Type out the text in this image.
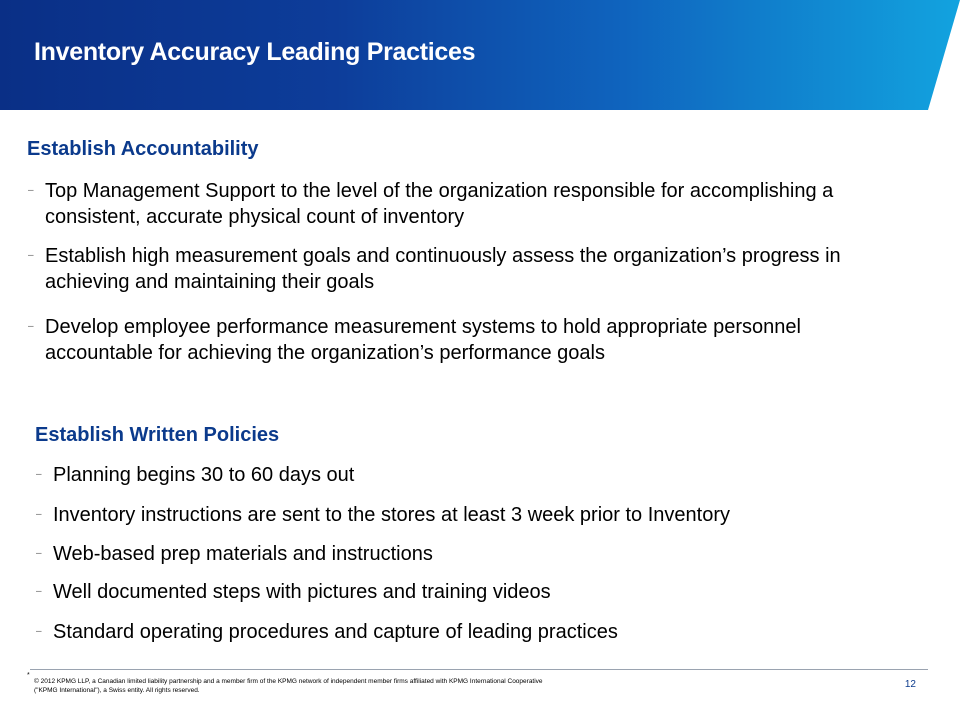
Inventory Accuracy Leading Practices
Establish Accountability
– Top Management Support to the level of the organization responsible for accomplishing a consistent, accurate physical count of inventory
– Establish high measurement goals and continuously assess the organization’s progress in achieving and maintaining their goals
– Develop employee performance measurement systems to hold appropriate personnel accountable for achieving the organization’s performance goals
Establish Written Policies
– Planning begins 30 to 60 days out
– Inventory instructions are sent to the stores at least 3 week prior to Inventory
– Web-based prep materials and instructions
– Well documented steps with pictures and training videos
– Standard operating procedures and capture of leading practices
*
© 2012 KPMG LLP, a Canadian limited liability partnership and a member firm of the KPMG network of independent member firms affiliated with KPMG International Cooperative ("KPMG International"), a Swiss entity. All rights reserved.
12
